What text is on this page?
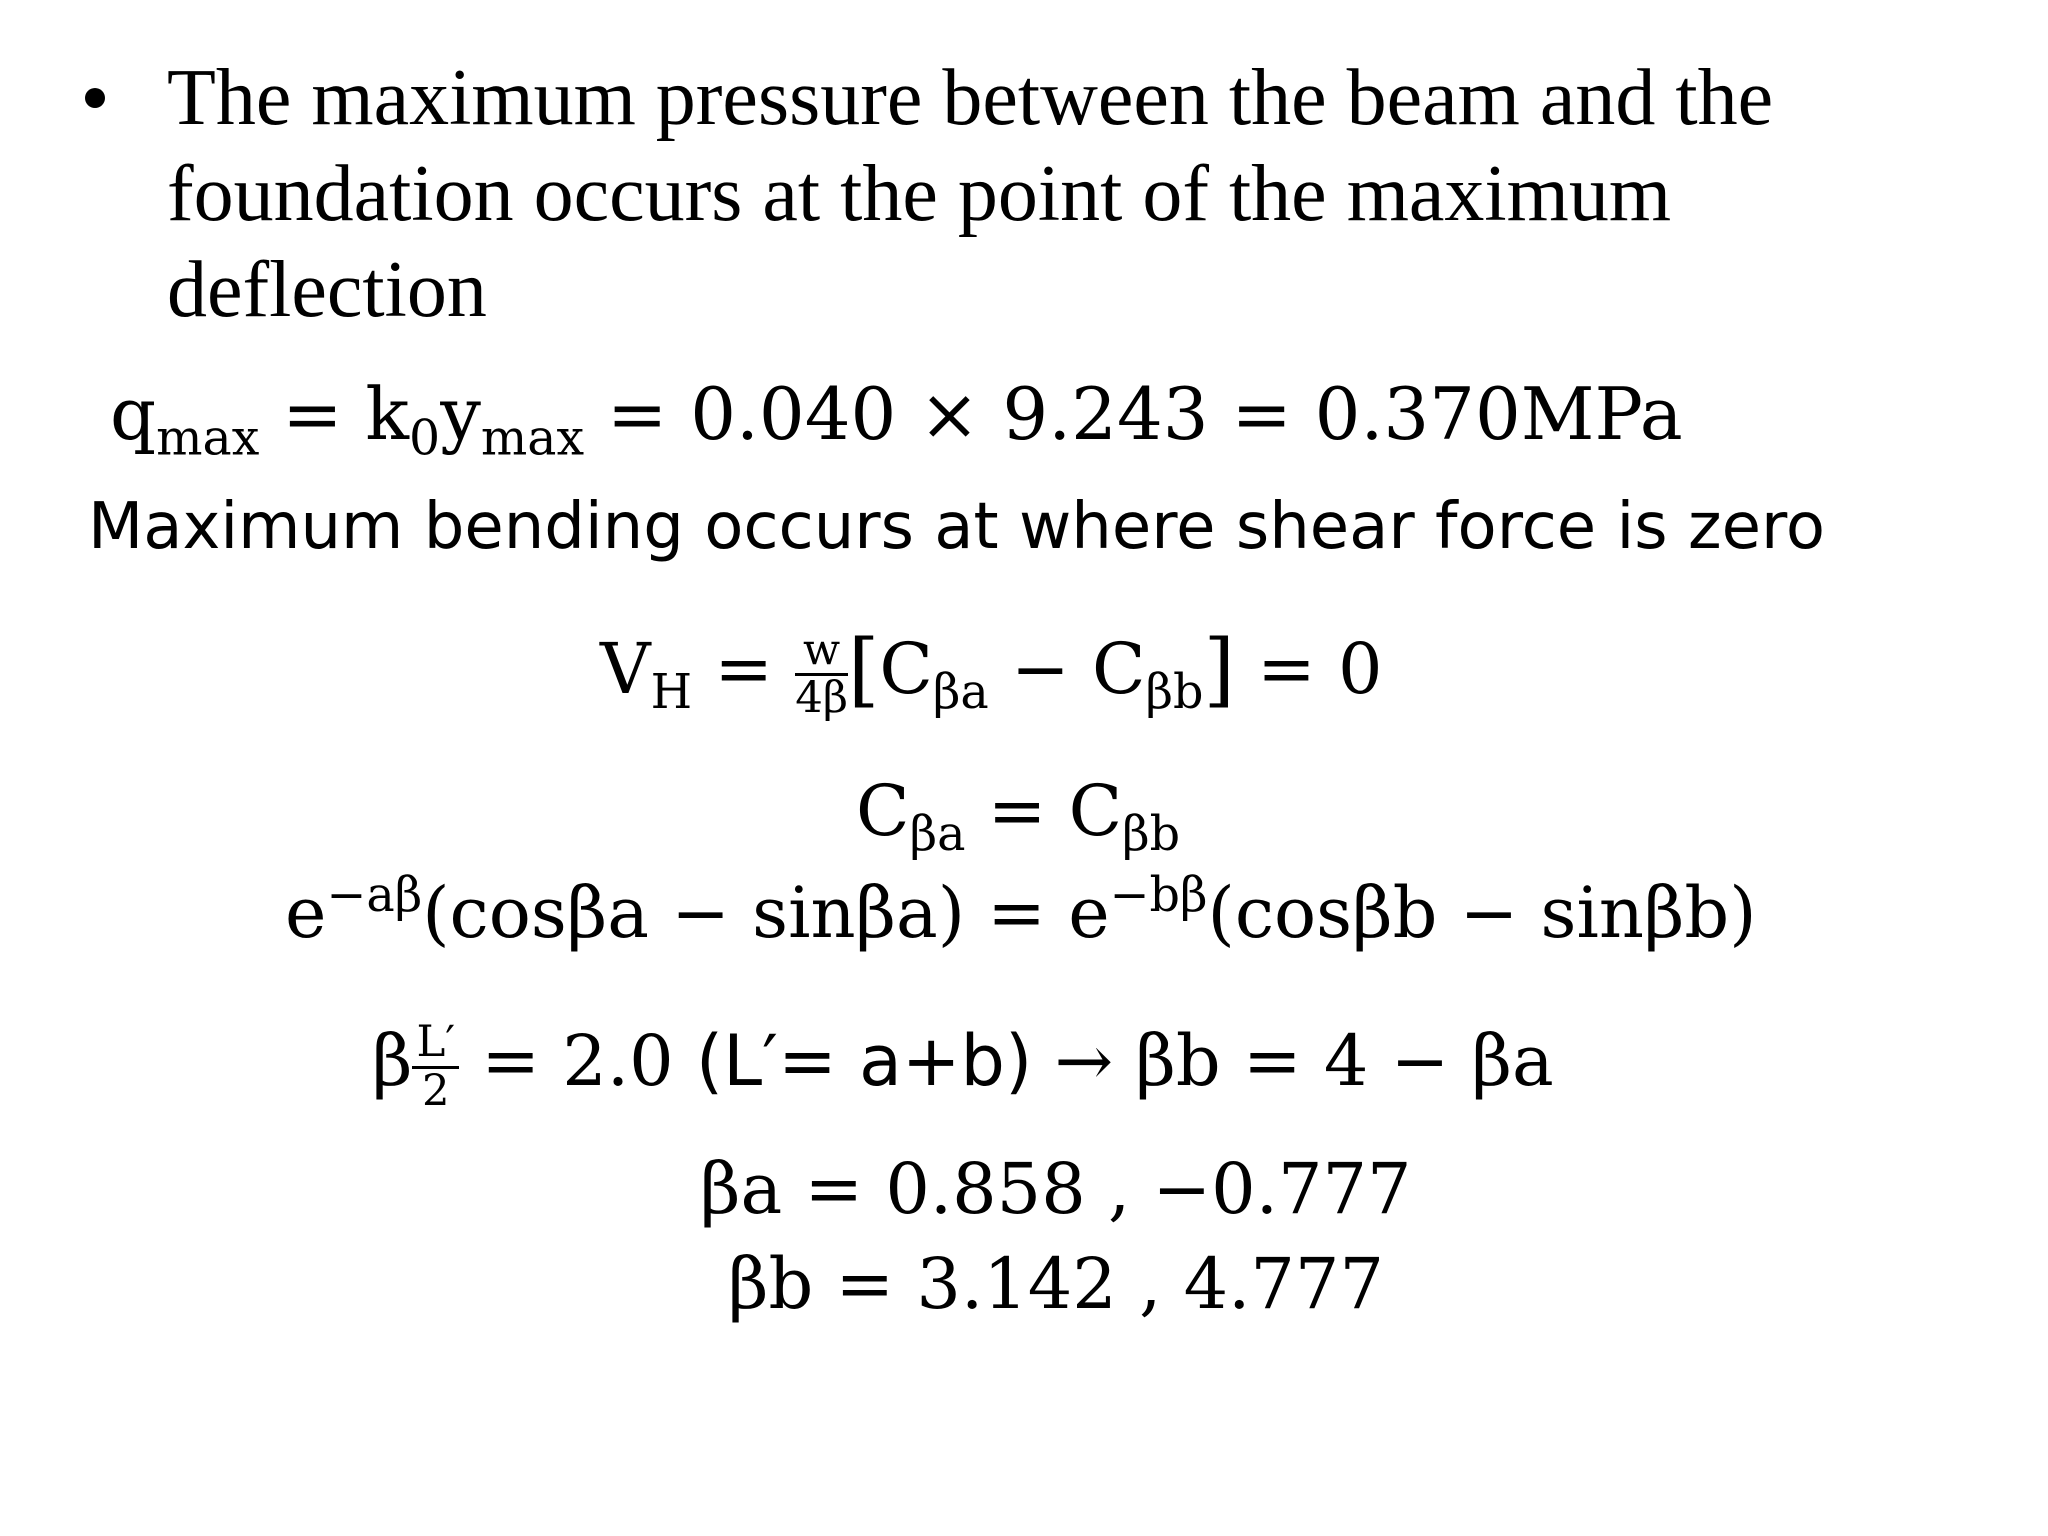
The maximum pressure between the beam and the foundation occurs at the point of the maximum deflection
$q_{max} = k_0y_{max} = 0.040 \times 9.243 = 0.370MPa$
Maximum bending occurs at where shear force is zero
$V_H = \frac{w}{4\beta} [C_{\beta a} - C_{\beta b}] = 0$
$C_{\beta a} = C_{\beta b}$
$e^{-a\beta}(\cos\beta a - \sin\beta a) = e^{-b\beta}(\cos\beta b - \sin\beta b)$
β $\frac{L'}{2} = 2.0$ (L′= a+b) → βb = 4 − βa
βa = 0.858 , −0.777
βb = 3.142 , 4.777
